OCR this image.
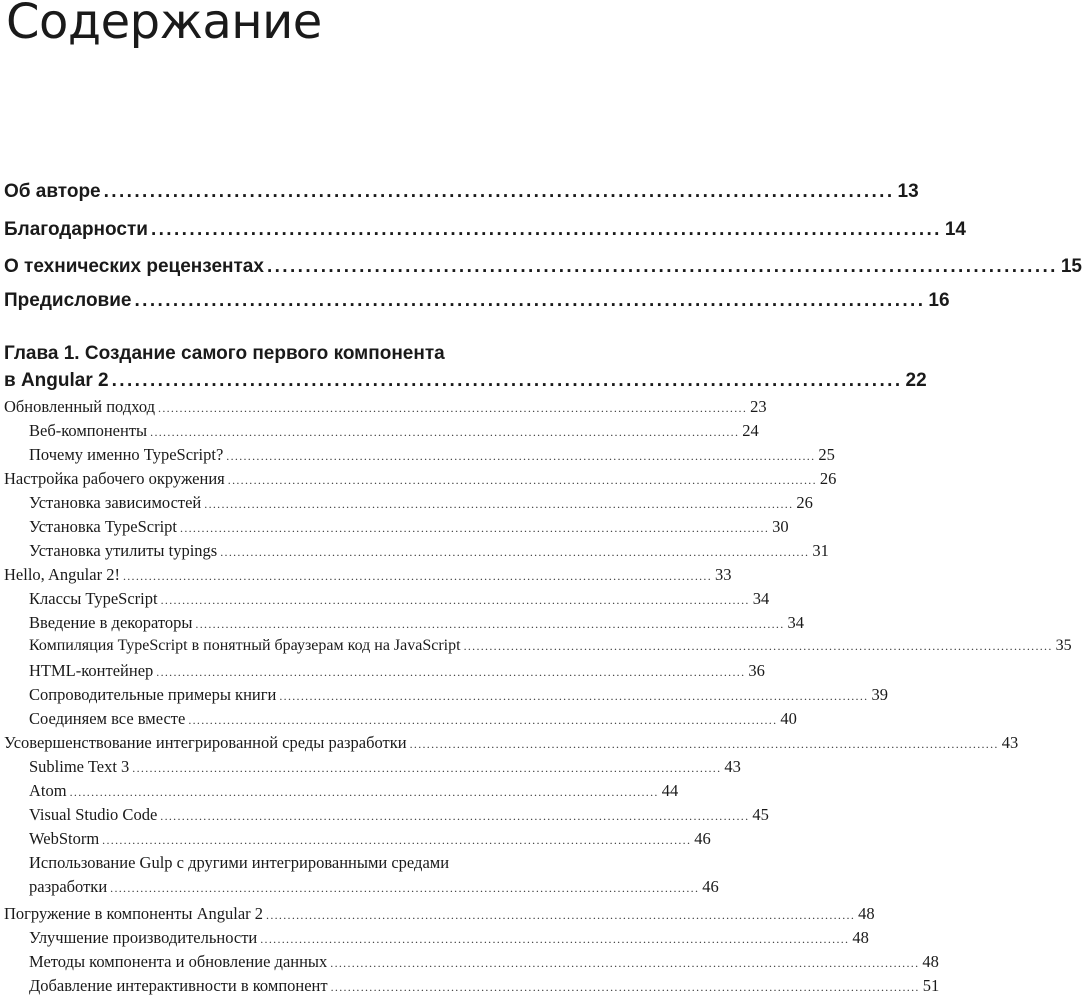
Содержание
Об авторе ....................................................................................................... 13
Благодарности ....................................................................................................... 14
О технических рецензентах ....................................................................................................... 15
Предисловие ....................................................................................................... 16
Глава 1. Создание самого первого компонента
в Angular 2 ....................................................................................................... 22
Обновленный подход ......................................................................................................................................... 23
Веб-компоненты ......................................................................................................................................... 24
Почему именно TypeScript? ......................................................................................................................................... 25
Настройка рабочего окружения ......................................................................................................................................... 26
Установка зависимостей ......................................................................................................................................... 26
Установка TypeScript ......................................................................................................................................... 30
Установка утилиты typings ......................................................................................................................................... 31
Hello, Angular 2! ......................................................................................................................................... 33
Классы TypeScript ......................................................................................................................................... 34
Введение в декораторы ......................................................................................................................................... 34
Компиляция TypeScript в понятный браузерам код на JavaScript ......................................................................................................................................... 35
HTML-контейнер ......................................................................................................................................... 36
Сопроводительные примеры книги ......................................................................................................................................... 39
Соединяем все вместе ......................................................................................................................................... 40
Усовершенствование интегрированной среды разработки ......................................................................................................................................... 43
Sublime Text 3 ......................................................................................................................................... 43
Atom ......................................................................................................................................... 44
Visual Studio Code ......................................................................................................................................... 45
WebStorm ......................................................................................................................................... 46
Использование Gulp с другими интегрированными средами
разработки ......................................................................................................................................... 46
Погружение в компоненты Angular 2 ......................................................................................................................................... 48
Улучшение производительности ......................................................................................................................................... 48
Методы компонента и обновление данных ......................................................................................................................................... 48
Добавление интерактивности в компонент ......................................................................................................................................... 51
